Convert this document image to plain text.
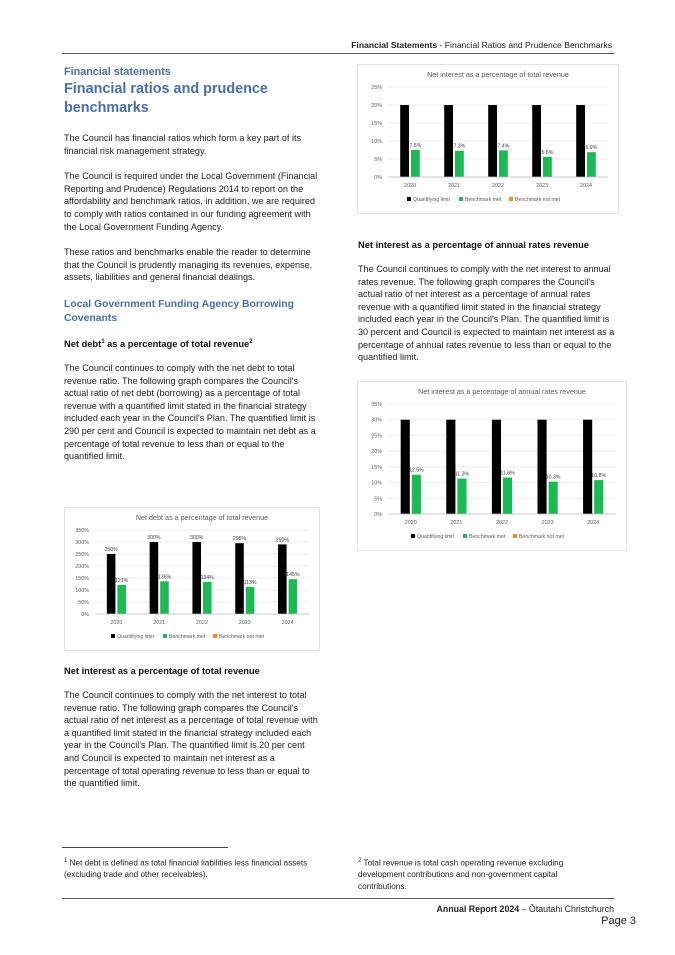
Financial Statements - Financial Ratios and Prudence Benchmarks
Financial statements
Financial ratios and prudence benchmarks

The Council has financial ratios which form a key part of its financial risk management strategy.

The Council is required under the Local Government (Financial Reporting and Prudence) Regulations 2014 to report on the affordability and benchmark ratios, in addition, we are required to comply with ratios contained in our funding agreement with the Local Government Funding Agency.

These ratios and benchmarks enable the reader to determine that the Council is prudently managing its revenues, expense, assets, liabilities and general financial dealings.

Local Government Funding Agency Borrowing Covenants
Net debt$^1$ as a percentage of total revenue$^2$

The Council continues to comply with the net debt to total revenue ratio. The following graph compares the Council's actual ratio of net debt (borrowing) as a percentage of total revenue with a quantified limit stated in the financial strategy included each year in the Council's Plan. The quantified limit is 290 per cent and Council is expected to maintain net debt as a percentage of total revenue to less than or equal to the quantified limit.

Net debt as a percentage of total revenue
0%
50%
100%
150%
200%
250%
300%
350%
250%
121%
2020
300%
136%
2021
300%
134%
2022
295%
113%
2023
290%
145%
2024
Quantifying limit	Benchmark met	Benchmark not met
Net interest as a percentage of total revenue

The Council continues to comply with the net interest to total revenue ratio. The following graph compares the Council's actual ratio of net interest as a percentage of total revenue with a quantified limit stated in the financial strategy included each year in the Council's Plan. The quantified limit is 20 per cent and Council is expected to maintain net interest as a percentage of total operating revenue to less than or equal to the quantified limit.

Net interest as a percentage of total revenue
0%
5%
10%
15%
20%
25%
7.5%
2020
7.3%
2021
7.4%
2022
5.6%
2023
6.9%
2024
Quantifying limit	Benchmark met	Benchmark not met
Net interest as a percentage of annual rates revenue

The Council continues to comply with the net interest to annual rates revenue. The following graph compares the Council's actual ratio of net interest as a percentage of annual rates revenue with a quantified limit stated in the financial strategy included each year in the Council's Plan. The quantified limit is 30 percent and Council is expected to maintain net interest as a percentage of annual rates revenue to less than or equal to the quantified limit.

Net interest as a percentage of annual rates revenue
0%
5%
10%
15%
20%
25%
30%
35%
12.5%
2020
11.3%
2021
11.6%
2022
10.3%
2023
10.8%
2024
Quantifying limit	Benchmark met	Benchmark not met
$^1$ Net debt is defined as total financial liabilities less financial assets (excluding trade and other receivables).
$^2$ Total revenue is total cash operating revenue excluding development contributions and non-government capital contributions.
Annual Report 2024 – Ōtautahi Christchurch
Page 3
